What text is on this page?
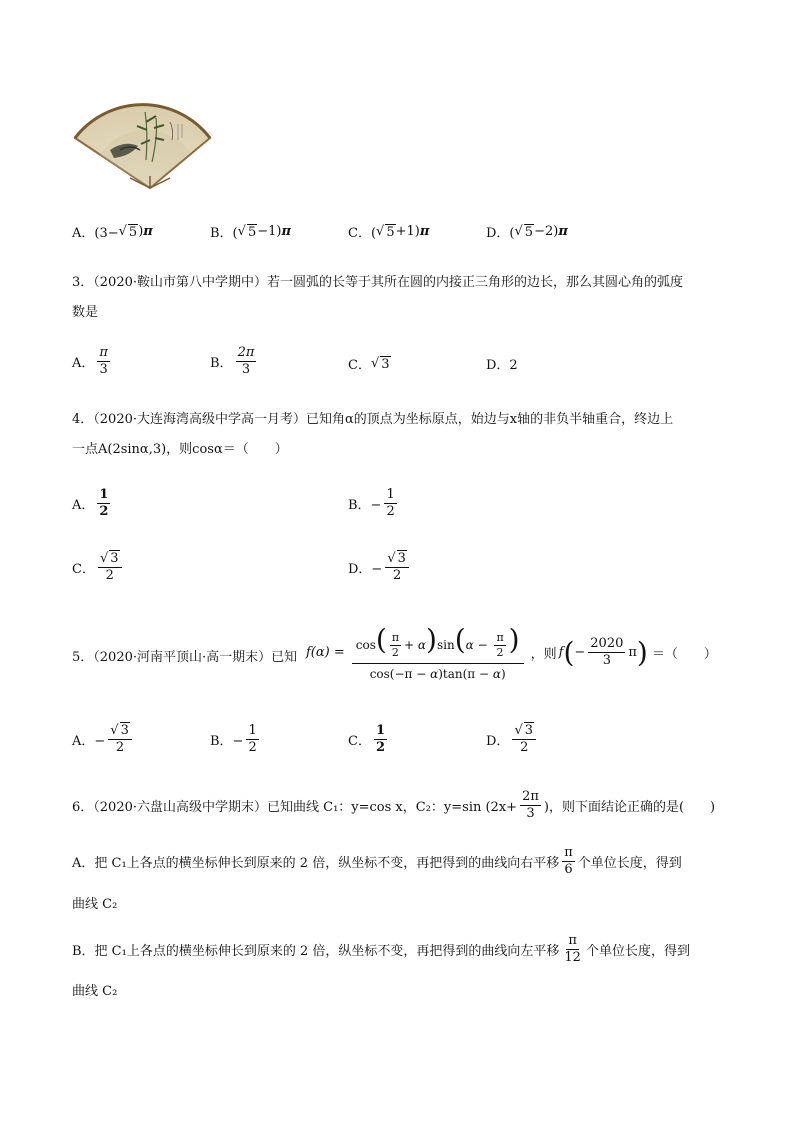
A．(3− √ 5 ) π	B．( √ 5 −1) π	C．( √ 5 +1) π	D．( √ 5 −2) π
3．（2020·鞍山市第八中学期中）若一圆弧的长等于其所在圆的内接正三角形的边长，那么其圆心角的弧度
数是
A． $\frac{\pi}{3}$	B． $\frac{2\pi}{3}$	C． √ 3	D．2
4．（2020·大连海湾高级中学高一月考）已知角α的顶点为坐标原点，始边与x轴的非负半轴重合，终边上
一点A(2sinα,3)，则cosα＝（　　）
A． $\frac{1}{2}$	B．− $\frac{1}{2}$
C． $\frac{√ 3}{2}$	D．− $\frac{√ 3}{2}$
5．（2020·河南平顶山·高一期末）已知 $f(\alpha) = \frac{\cos( \frac{\pi}{2} + \alpha)\sin(\alpha - \frac{\pi}{2} )}{\cos(-\pi - \alpha)\tan(\pi - \alpha)}$ ，则 f ( − $\frac{2020}{3}$ π ) ＝（　　）
A．− $\frac{√ 3}{2}$	B．− $\frac{1}{2}$	C． $\frac{1}{2}$	D． $\frac{√ 3}{2}$
6．（2020·六盘山高级中学期末）已知曲线 C₁：y=cos x，C₂：y=sin ($2x+ \frac{2\pi}{3}$ )，则下面结论正确的是(　　)
A．把 C₁上各点的横坐标伸长到原来的 2 倍，纵坐标不变，再把得到的曲线向右平移 $\frac{\pi}{6}$ 个单位长度，得到
曲线 C₂
B．把 C₁上各点的横坐标伸长到原来的 2 倍，纵坐标不变，再把得到的曲线向左平移 $\frac{\pi}{12}$ 个单位长度，得到
曲线 C₂
